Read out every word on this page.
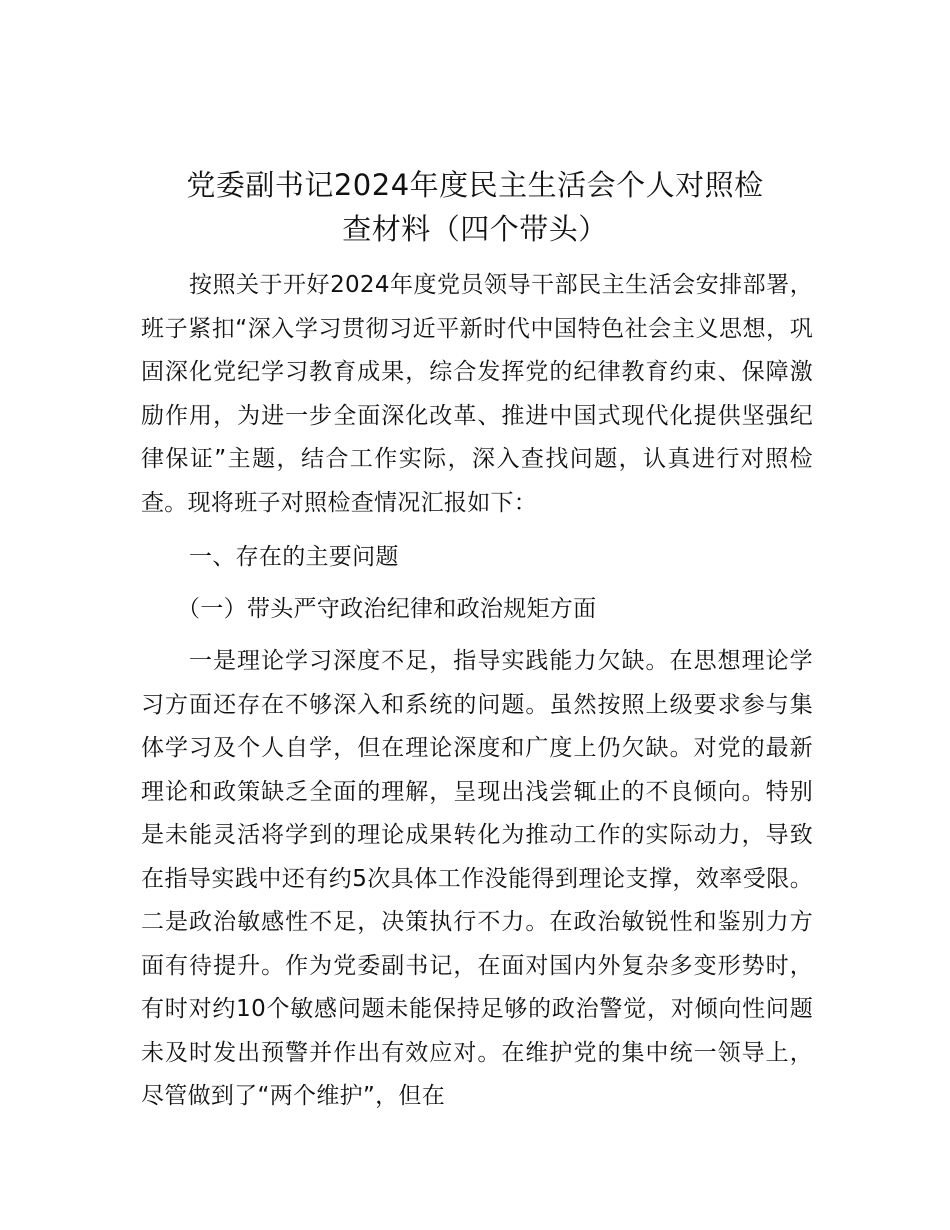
党委副书记2024年度民主生活会个人对照检
查材料（四个带头）
按照关于开好2024年度党员领导干部民主生活会安排部署，班子紧扣“深入学习贯彻习近平新时代中国特色社会主义思想，巩固深化党纪学习教育成果，综合发挥党的纪律教育约束、保障激励作用，为进一步全面深化改革、推进中国式现代化提供坚强纪律保证”主题，结合工作实际，深入查找问题，认真进行对照检查。现将班子对照检查情况汇报如下：
一、存在的主要问题
（一）带头严守政治纪律和政治规矩方面
一是理论学习深度不足，指导实践能力欠缺。在思想理论学习方面还存在不够深入和系统的问题。虽然按照上级要求参与集体学习及个人自学，但在理论深度和广度上仍欠缺。对党的最新理论和政策缺乏全面的理解，呈现出浅尝辄止的不良倾向。特别是未能灵活将学到的理论成果转化为推动工作的实际动力，导致在指导实践中还有约5次具体工作没能得到理论支撑，效率受限。二是政治敏感性不足，决策执行不力。在政治敏锐性和鉴别力方面有待提升。作为党委副书记，在面对国内外复杂多变形势时，有时对约10个敏感问题未能保持足够的政治警觉，对倾向性问题未及时发出预警并作出有效应对。在维护党的集中统一领导上，尽管做到了“两个维护”，但在
